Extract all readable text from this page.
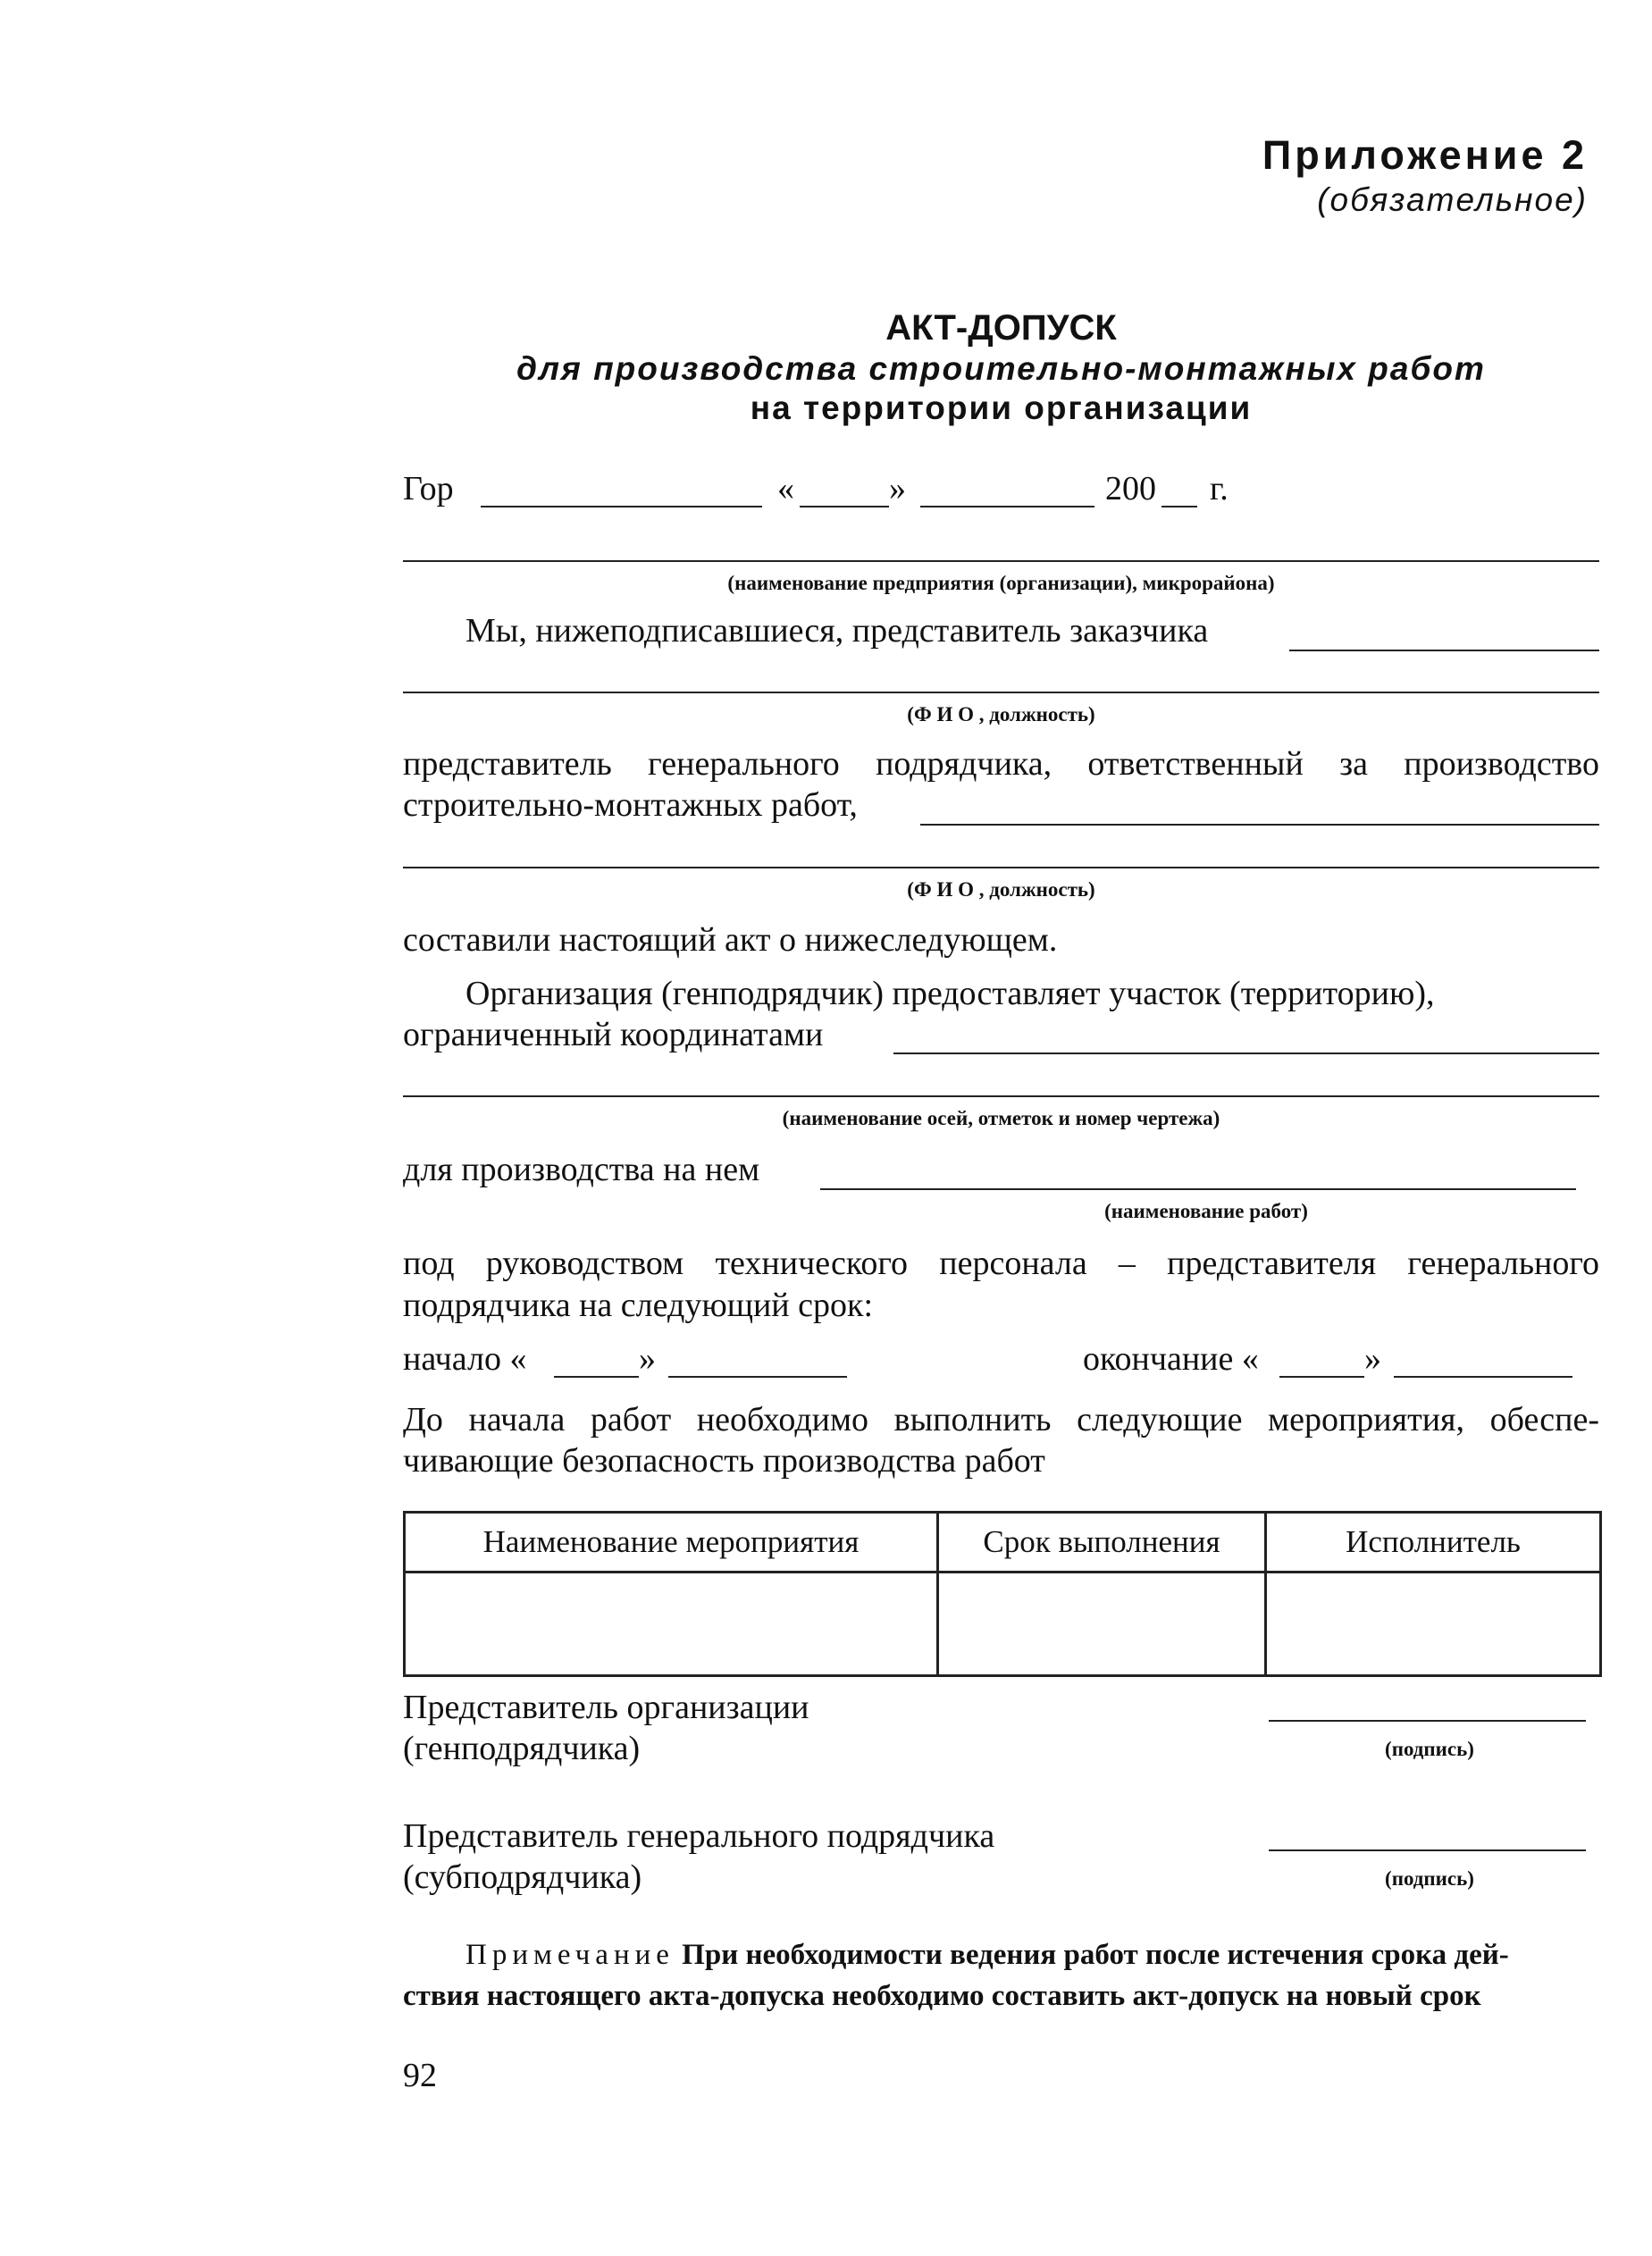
Приложение 2
(обязательное)
АКТ-ДОПУСК
для производства строительно-монтажных работ
на территории организации
Гор	«	»	200 г.
(наименование предприятия (организации), микрорайона)
Мы, нижеподписавшиеся, представитель заказчика
(Ф И О , должность)
представитель генерального подрядчика, ответственный за производство
строительно-монтажных работ,
(Ф И О , должность)
составили настоящий акт о нижеследующем.
Организация (генподрядчик) предоставляет участок (территорию),
ограниченный координатами
(наименование осей, отметок и номер чертежа)
для производства на нем
(наименование работ)
под руководством технического персонала – представителя генерального
подрядчика на следующий срок:
начало «	»	окончание «	»
До начала работ необходимо выполнить следующие мероприятия, обеспе-
чивающие безопасность производства работ
Наименование мероприятия	Срок выполнения	Исполнитель

Представитель организации
(генподрядчика)	(подпись)
Представитель генерального подрядчика
(субподрядчика)	(подпись)
Примечание При необходимости ведения работ после истечения срока дей-
ствия настоящего акта-допуска необходимо составить акт-допуск на новый срок
92
